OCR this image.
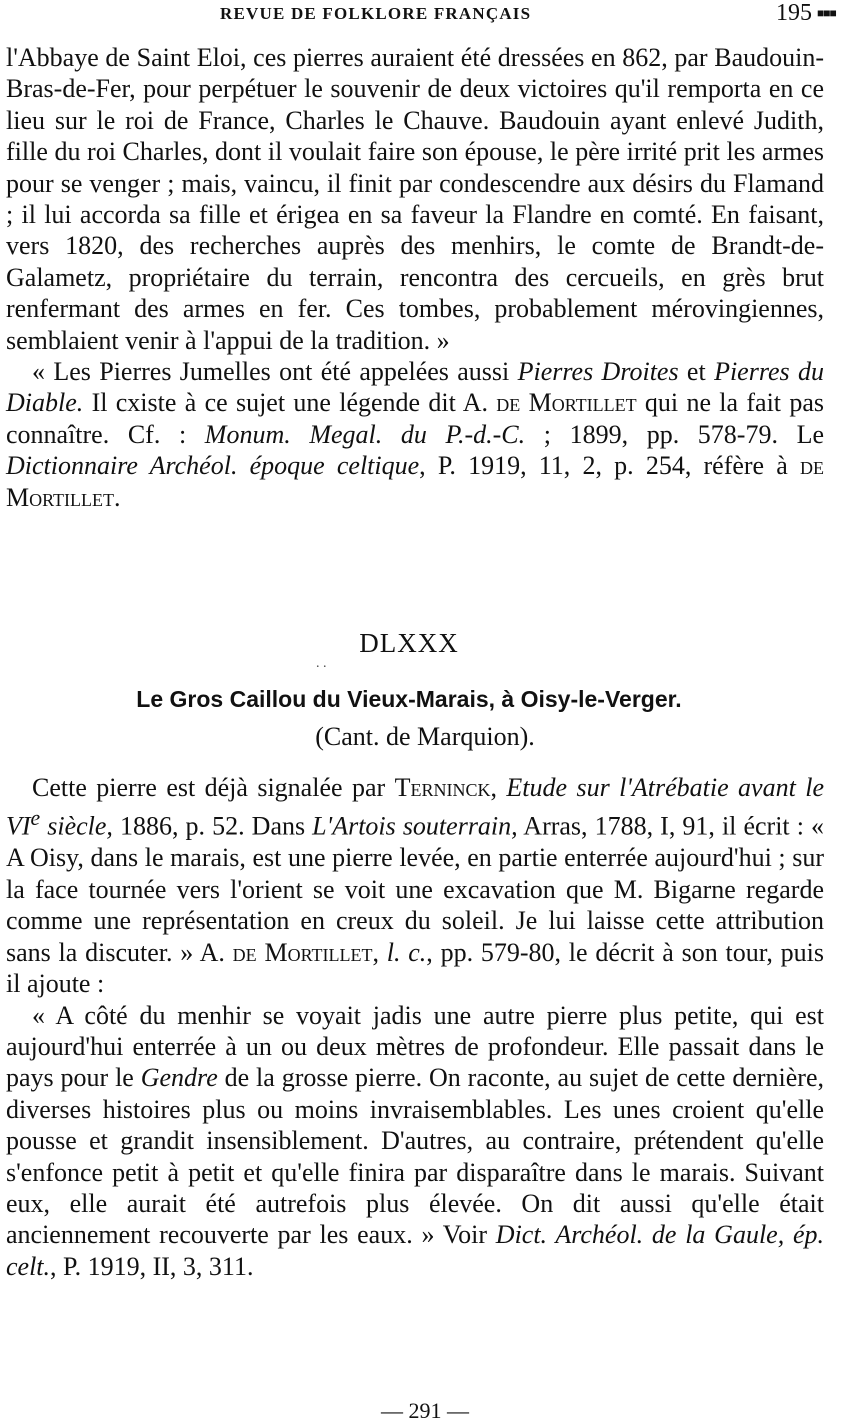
REVUE DE FOLKLORE FRANÇAIS	195 ■■■

l'Abbaye de Saint Eloi, ces pierres auraient été dressées en 862, par Baudouin-Bras-de-Fer, pour perpétuer le souvenir de deux victoires qu'il remporta en ce lieu sur le roi de France, Charles le Chauve. Baudouin ayant enlevé Judith, fille du roi Charles, dont il voulait faire son épouse, le père irrité prit les armes pour se venger ; mais, vaincu, il finit par condescendre aux désirs du Flamand ; il lui accorda sa fille et érigea en sa faveur la Flandre en comté. En faisant, vers 1820, des recherches auprès des menhirs, le comte de Brandt-de-Galametz, propriétaire du terrain, rencontra des cercueils, en grès brut renfermant des armes en fer. Ces tombes, probablement mérovingiennes, semblaient venir à l'appui de la tradition. »

« Les Pierres Jumelles ont été appelées aussi Pierres Droites et Pierres du Diable. Il cxiste à ce sujet une légende dit A. de Mortillet qui ne la fait pas connaître. Cf. : Monum. Megal. du P.-d.-C. ; 1899, pp. 578-79. Le Dictionnaire Archéol. époque celtique, P. 1919, 11, 2, p. 254, réfère à de Mortillet.

DLXXX
. .
Le Gros Caillou du Vieux-Marais, à Oisy-le-Verger.
(Cant. de Marquion).

Cette pierre est déjà signalée par Terninck, Etude sur l'Atrébatie avant le VIe siècle, 1886, p. 52. Dans L'Artois souterrain, Arras, 1788, I, 91, il écrit : « A Oisy, dans le marais, est une pierre levée, en partie enterrée aujourd'hui ; sur la face tournée vers l'orient se voit une excavation que M. Bigarne regarde comme une représentation en creux du soleil. Je lui laisse cette attribution sans la discuter. » A. de Mortillet, l. c., pp. 579-80, le décrit à son tour, puis il ajoute :

« A côté du menhir se voyait jadis une autre pierre plus petite, qui est aujourd'hui enterrée à un ou deux mètres de profondeur. Elle passait dans le pays pour le Gendre de la grosse pierre. On raconte, au sujet de cette dernière, diverses histoires plus ou moins invraisemblables. Les unes croient qu'elle pousse et grandit insensiblement. D'autres, au contraire, prétendent qu'elle s'enfonce petit à petit et qu'elle finira par disparaître dans le marais. Suivant eux, elle aurait été autrefois plus élevée. On dit aussi qu'elle était anciennement recouverte par les eaux. » Voir Dict. Archéol. de la Gaule, ép. celt., P. 1919, II, 3, 311.

— 291 —
